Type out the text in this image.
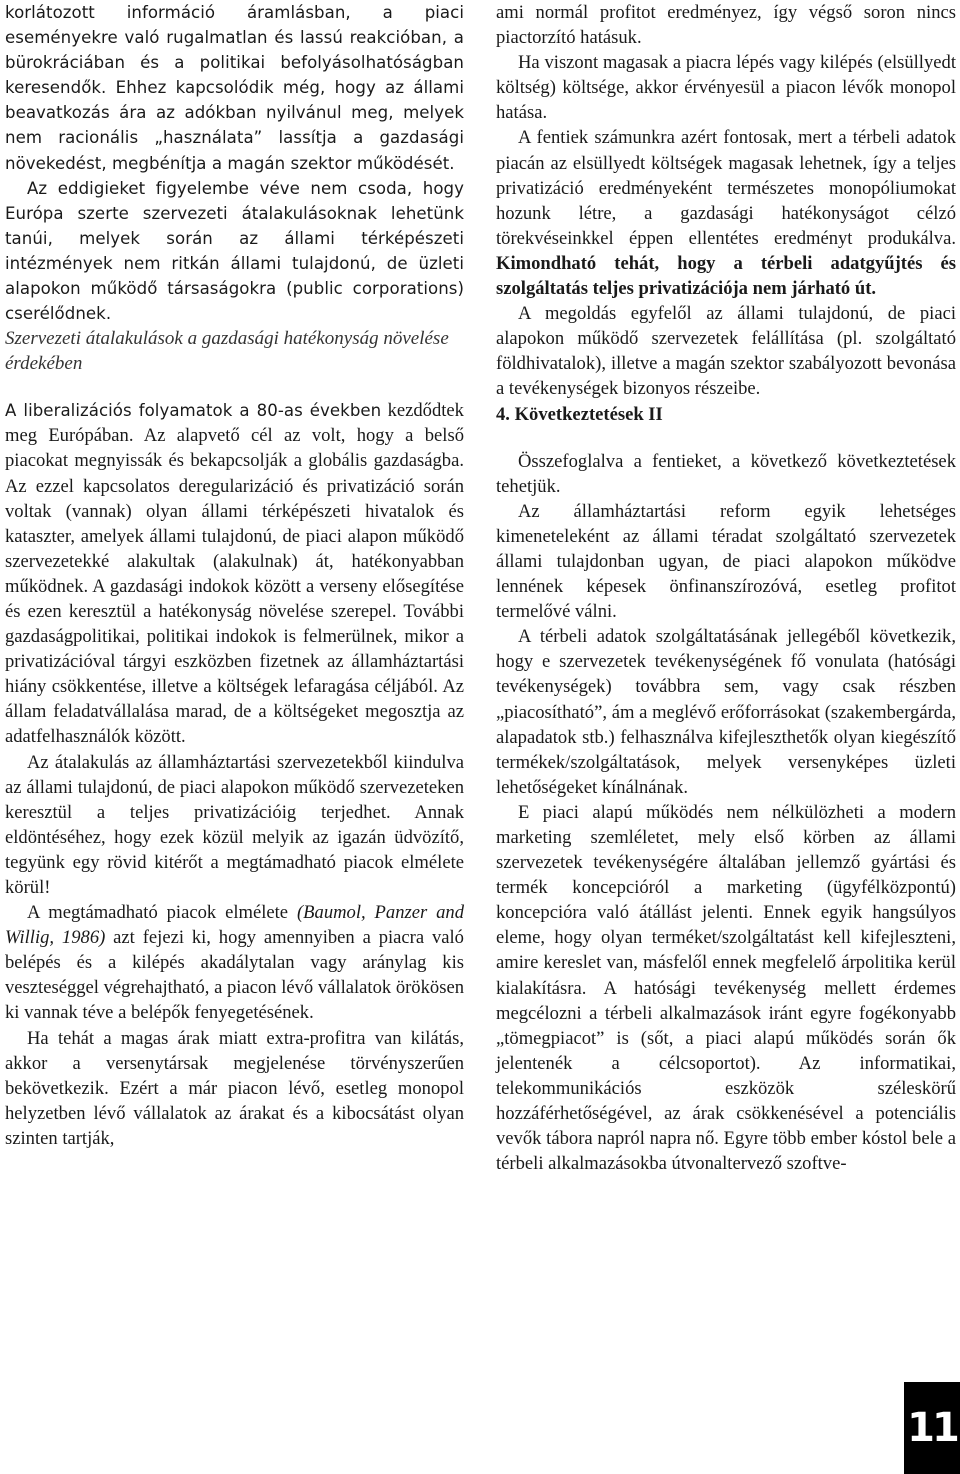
korlátozott információ áramlásban, a piaci eseményekre való rugalmatlan és lassú reakcióban, a bürokráciában és a politikai befolyásolhatóságban keresendők. Ehhez kapcsolódik még, hogy az állami beavatkozás ára az adókban nyilvánul meg, melyek nem racionális „használata” lassítja a gazdasági növekedést, megbénítja a magán szektor működését.

Az eddigieket figyelembe véve nem csoda, hogy Európa szerte szervezeti átalakulásoknak lehetünk tanúi, melyek során az állami térképészeti intézmények nem ritkán állami tulajdonú, de üzleti alapokon működő társaságokra (public corporations) cserélődnek.

Szervezeti átalakulások a gazdasági hatékonyság növelése érdekében

A liberalizációs folyamatok a 80-as években kezdődtek meg Európában. Az alapvető cél az volt, hogy a belső piacokat megnyissák és bekapcsolják a globális gazdaságba. Az ezzel kapcsolatos deregularizáció és privatizáció során voltak (vannak) olyan állami térképészeti hivatalok és kataszter, amelyek állami tulajdonú, de piaci alapon működő szervezetekké alakultak (alakulnak) át, hatékonyabban működnek. A gazdasági indokok között a verseny elősegítése és ezen keresztül a hatékonyság növelése szerepel. További gazdaságpolitikai, politikai indokok is felmerülnek, mikor a privatizációval tárgyi eszközben fizetnek az államháztartási hiány csökkentése, illetve a költségek lefaragása céljából. Az állam feladatvállalása marad, de a költségeket megosztja az adatfelhasználók között.

Az átalakulás az államháztartási szervezetekből kiindulva az állami tulajdonú, de piaci alapokon működő szervezeteken keresztül a teljes privatizációig terjedhet. Annak eldöntéséhez, hogy ezek közül melyik az igazán üdvözítő, tegyünk egy rövid kitérőt a megtámadható piacok elmélete körül!

A megtámadható piacok elmélete (Baumol, Panzer and Willig, 1986) azt fejezi ki, hogy amennyiben a piacra való belépés és a kilépés akadálytalan vagy aránylag kis veszteséggel végrehajtható, a piacon lévő vállalatok örökösen ki vannak téve a belépők fenyegetésének.

Ha tehát a magas árak miatt extra-profitra van kilátás, akkor a versenytársak megjelenése törvényszerűen bekövetkezik. Ezért a már piacon lévő, esetleg monopol helyzetben lévő vállalatok az árakat és a kibocsátást olyan szinten tartják,

ami normál profitot eredményez, így végső soron nincs piactorzító hatásuk.

Ha viszont magasak a piacra lépés vagy kilépés (elsüllyedt költség) költsége, akkor érvényesül a piacon lévők monopol hatása.

A fentiek számunkra azért fontosak, mert a térbeli adatok piacán az elsüllyedt költségek magasak lehetnek, így a teljes privatizáció eredményeként természetes monopóliumokat hozunk létre, a gazdasági hatékonyságot célzó törekvéseinkkel éppen ellentétes eredményt produkálva. Kimondható tehát, hogy a térbeli adatgyűjtés és szolgáltatás teljes privatizációja nem járható út.

A megoldás egyfelől az állami tulajdonú, de piaci alapokon működő szervezetek felállítása (pl. szolgáltató földhivatalok), illetve a magán szektor szabályozott bevonása a tevékenységek bizonyos részeibe.

4. Következtetések II

Összefoglalva a fentieket, a következő következtetések tehetjük.

Az államháztartási reform egyik lehetséges kimeneteleként az állami téradat szolgáltató szervezetek állami tulajdonban ugyan, de piaci alapokon működve lennének képesek önfinanszírozóvá, esetleg profitot termelővé válni.

A térbeli adatok szolgáltatásának jellegéből következik, hogy e szervezetek tevékenységének fő vonulata (hatósági tevékenységek) továbbra sem, vagy csak részben „piacosítható”, ám a meglévő erőforrásokat (szakembergárda, alapadatok stb.) felhasználva kifejleszthetők olyan kiegészítő termékek/szolgáltatások, melyek versenyképes üzleti lehetőségeket kínálnának.

E piaci alapú működés nem nélkülözheti a modern marketing szemléletet, mely első körben az állami szervezetek tevékenységére általában jellemző gyártási és termék koncepcióról a marketing (ügyfélközpontú) koncepcióra való átállást jelenti. Ennek egyik hangsúlyos eleme, hogy olyan terméket/szolgáltatást kell kifejleszteni, amire kereslet van, másfelől ennek megfelelő árpolitika kerül kialakításra. A hatósági tevékenység mellett érdemes megcélozni a térbeli alkalmazások iránt egyre fogékonyabb „tömegpiacot” is (sőt, a piaci alapú működés során ők jelentenék a célcsoportot). Az informatikai, telekommunikációs eszközök széleskörű hozzáférhetőségével, az árak csökkenésével a potenciális vevők tábora napról napra nő. Egyre több ember kóstol bele a térbeli alkalmazásokba útvonaltervező szoftve-

11
